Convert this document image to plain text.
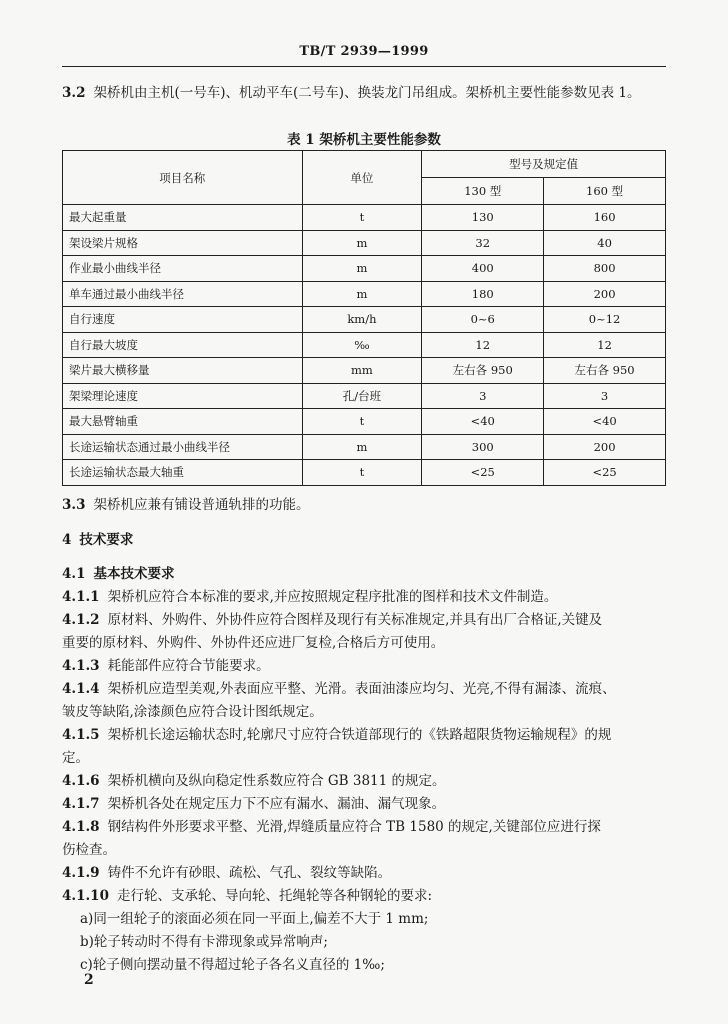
TB/T 2939—1999

3.2 架桥机由主机(一号车)、机动平车(二号车)、换装龙门吊组成。架桥机主要性能参数见表 1。

表 1 架桥机主要性能参数
项目名称	单位	型号及规定值	
		130 型	160 型
最大起重量	t	130	160
架设梁片规格	m	32	40
作业最小曲线半径	m	400	800
单车通过最小曲线半径	m	180	200
自行速度	km/h	0~6	0~12
自行最大坡度	‰	12	12
梁片最大横移量	mm	左右各 950	左右各 950
架梁理论速度	孔/台班	3	3
最大悬臂轴重	t	<40	<40
长途运输状态通过最小曲线半径	m	300	200
长途运输状态最大轴重	t	<25	<25

3.3 架桥机应兼有铺设普通轨排的功能。

4 技术要求

4.1 基本技术要求

4.1.1 架桥机应符合本标准的要求,并应按照规定程序批准的图样和技术文件制造。

4.1.2 原材料、外购件、外协件应符合图样及现行有关标准规定,并具有出厂合格证,关键及
重要的原材料、外购件、外协件还应进厂复检,合格后方可使用。

4.1.3 耗能部件应符合节能要求。

4.1.4 架桥机应造型美观,外表面应平整、光滑。表面油漆应均匀、光亮,不得有漏漆、流痕、
皱皮等缺陷,涂漆颜色应符合设计图纸规定。

4.1.5 架桥机长途运输状态时,轮廓尺寸应符合铁道部现行的《铁路超限货物运输规程》的规
定。

4.1.6 架桥机横向及纵向稳定性系数应符合 GB 3811 的规定。

4.1.7 架桥机各处在规定压力下不应有漏水、漏油、漏气现象。

4.1.8 钢结构件外形要求平整、光滑,焊缝质量应符合 TB 1580 的规定,关键部位应进行探
伤检查。

4.1.9 铸件不允许有砂眼、疏松、气孔、裂纹等缺陷。

4.1.10 走行轮、支承轮、导向轮、托绳轮等各种钢轮的要求:

a)同一组轮子的滚面必须在同一平面上,偏差不大于 1 mm;
b)轮子转动时不得有卡滞现象或异常响声;
c)轮子侧向摆动量不得超过轮子各名义直径的 1‰;
2
